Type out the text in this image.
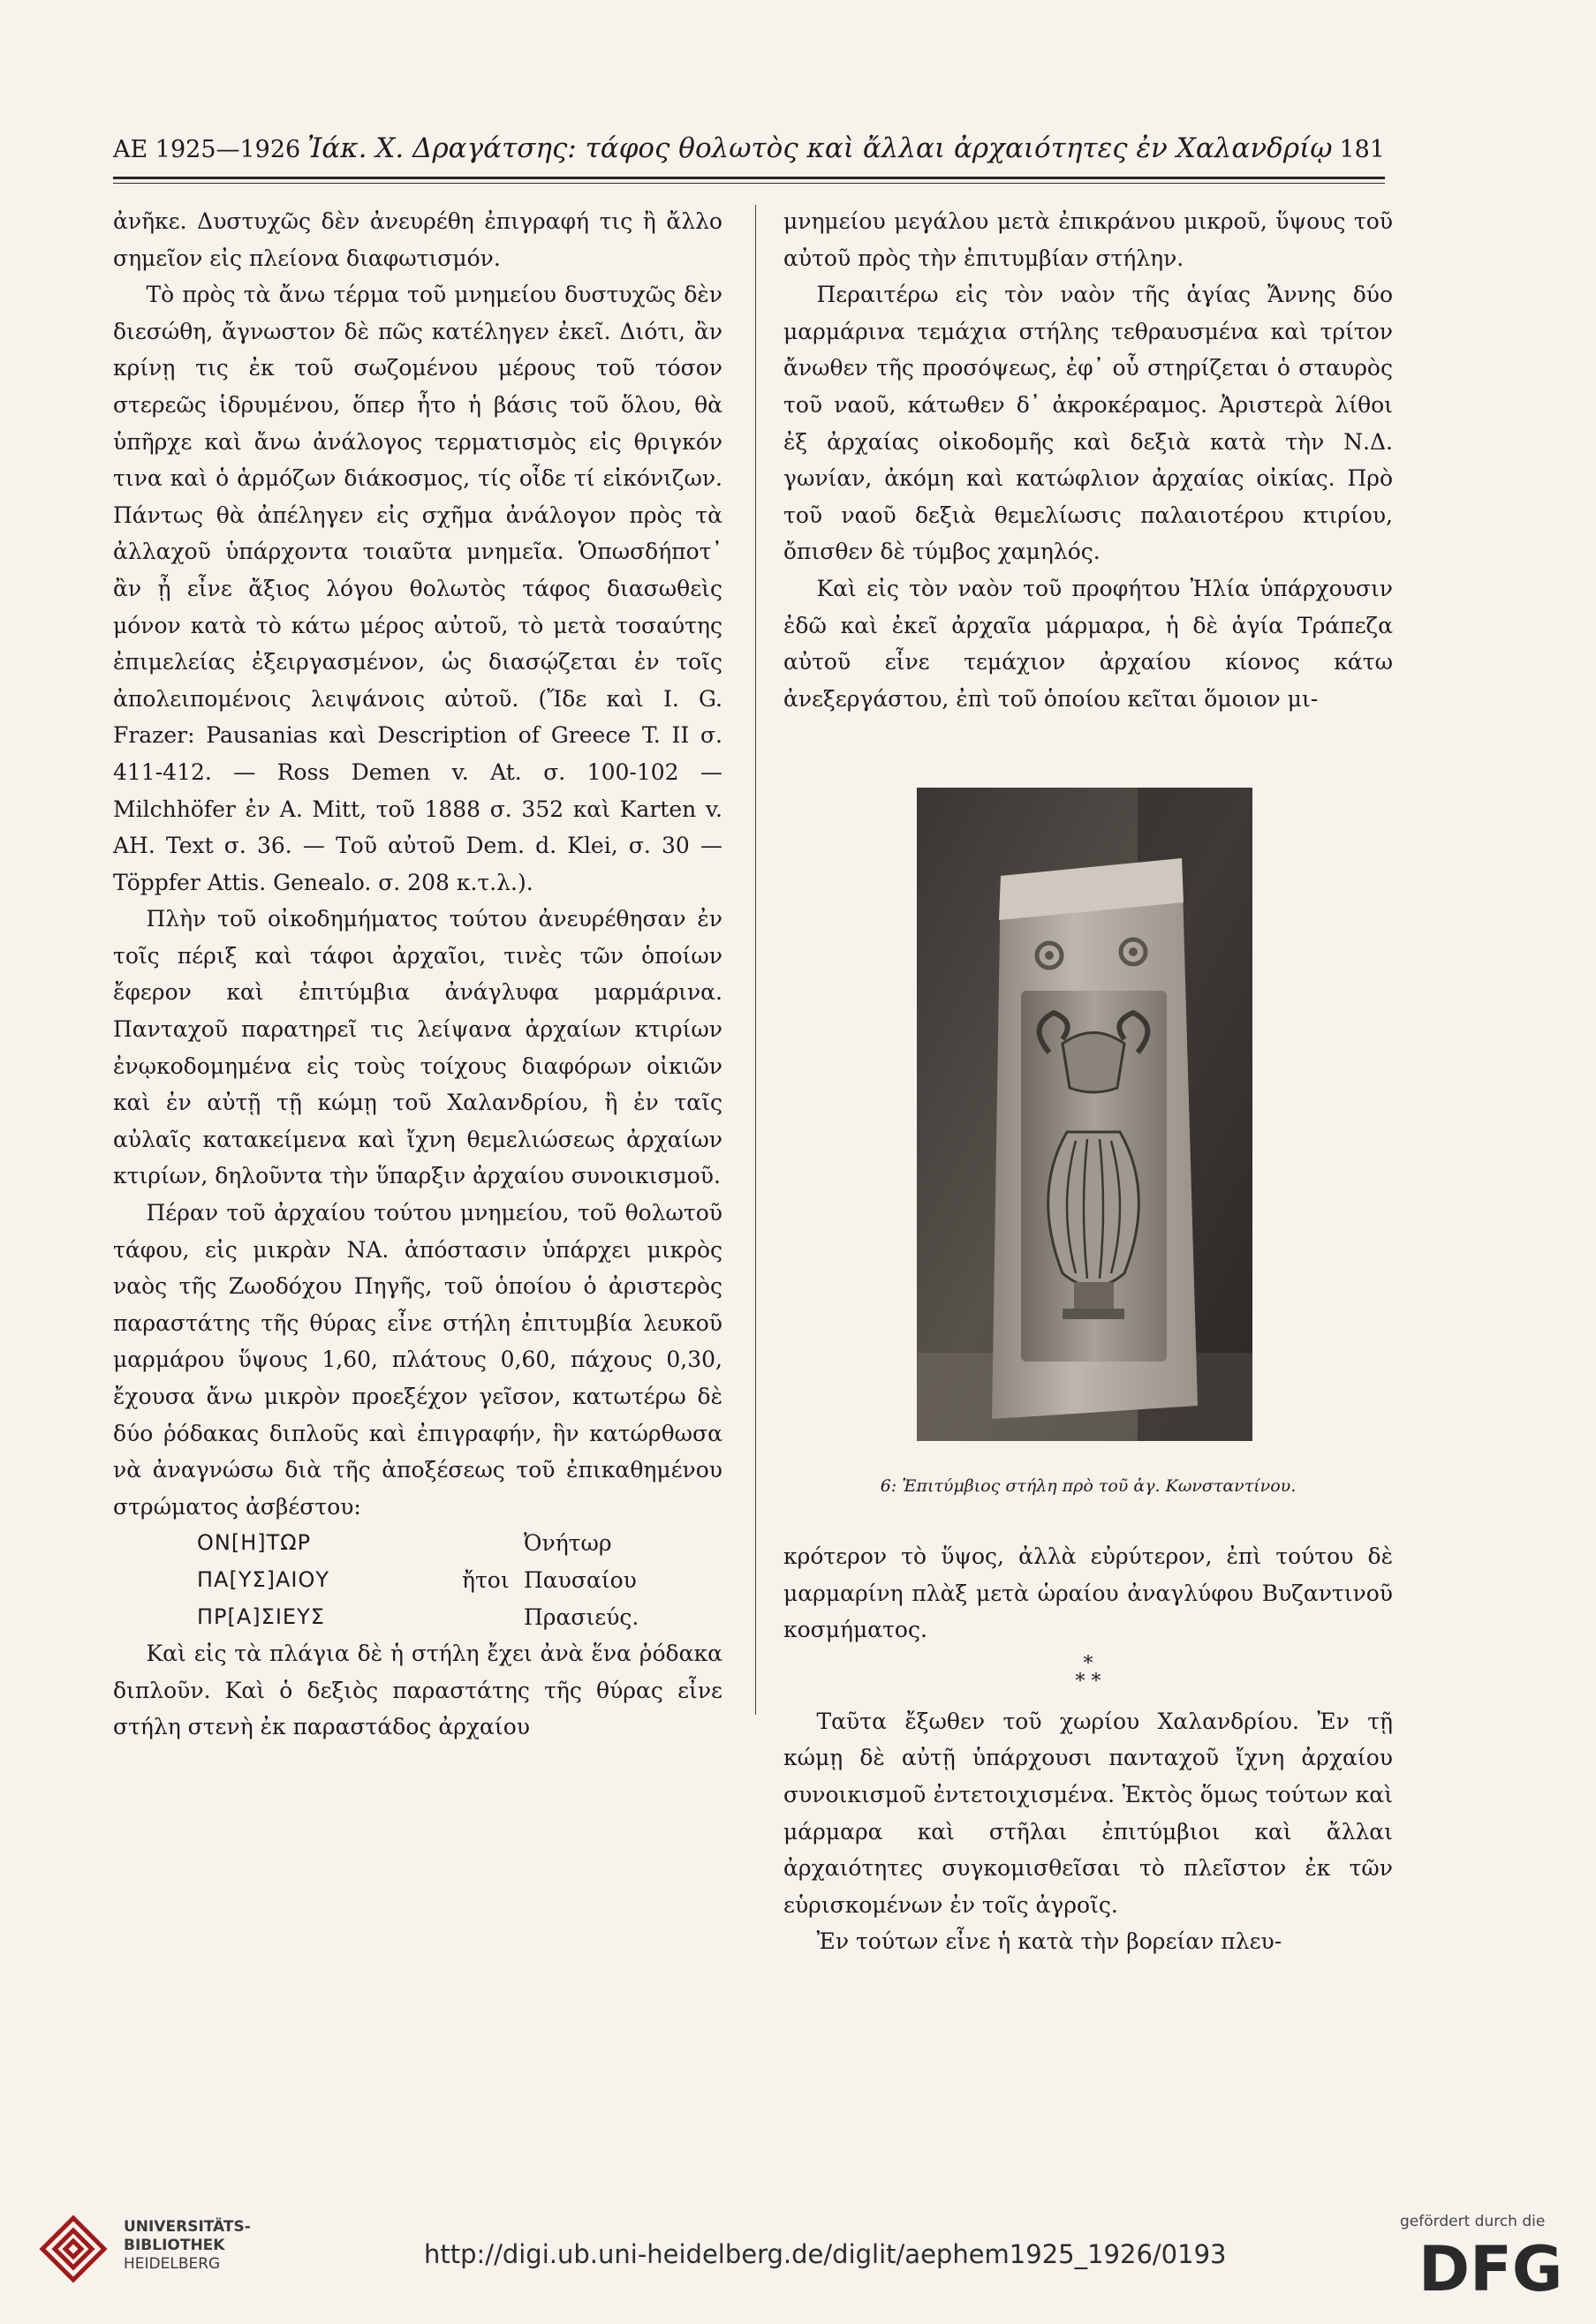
AE 1925—1926 Ἰάκ. Χ. Δραγάτσης: τάφος θολωτὸς καὶ ἄλλαι ἀρχαιότητες ἐν Χαλανδρίῳ 181

ἀνῆκε. Δυστυχῶς δὲν ἀνευρέθη ἐπιγραφή τις ἢ ἄλλο σημεῖον εἰς πλείονα διαφωτισμόν.

Τὸ πρὸς τὰ ἄνω τέρμα τοῦ μνημείου δυστυχῶς δὲν διεσώθη, ἄγνωστον δὲ πῶς κατέληγεν ἐκεῖ. Διότι, ἂν κρίνῃ τις ἐκ τοῦ σωζομένου μέρους τοῦ τόσον στερεῶς ἱδρυμένου, ὅπερ ἦτο ἡ βάσις τοῦ ὅλου, θὰ ὑπῆρχε καὶ ἄνω ἀνάλογος τερματισμὸς εἰς θριγκόν τινα καὶ ὁ ἁρμόζων διάκοσμος, τίς οἶδε τί εἰκόνιζων. Πάντως θὰ ἀπέληγεν εἰς σχῆμα ἀνάλογον πρὸς τὰ ἀλλαχοῦ ὑπάρχοντα τοιαῦτα μνημεῖα. Ὁπωσδήποτ᾿ ἂν ᾖ εἶνε ἄξιος λόγου θολωτὸς τάφος διασωθεὶς μόνον κατὰ τὸ κάτω μέρος αὐτοῦ, τὸ μετὰ τοσαύτης ἐπιμελείας ἐξειργασμένον, ὡς διασῴζεται ἐν τοῖς ἀπολειπομένοις λειψάνοις αὐτοῦ. (Ἴδε καὶ I. G. Frazer: Pausanias καὶ Description of Greece T. II σ. 411-412. — Ross Demen v. At. σ. 100-102 — Milchhöfer ἐν A. Mitt, τοῦ 1888 σ. 352 καὶ Karten v. AH. Text σ. 36. — Τοῦ αὐτοῦ Dem. d. Klei, σ. 30 — Töppfer Attis. Genealo. σ. 208 κ.τ.λ.).

Πλὴν τοῦ οἰκοδημήματος τούτου ἀνευρέθησαν ἐν τοῖς πέριξ καὶ τάφοι ἀρχαῖοι, τινὲς τῶν ὁποίων ἔφερον καὶ ἐπιτύμβια ἀνάγλυφα μαρμάρινα. Πανταχοῦ παρατηρεῖ τις λείψανα ἀρχαίων κτιρίων ἐνῳκοδομημένα εἰς τοὺς τοίχους διαφόρων οἰκιῶν καὶ ἐν αὐτῇ τῇ κώμῃ τοῦ Χαλανδρίου, ἢ ἐν ταῖς αὐλαῖς κατακείμενα καὶ ἴχνη θεμελιώσεως ἀρχαίων κτιρίων, δηλοῦντα τὴν ὕπαρξιν ἀρχαίου συνοικισμοῦ.

Πέραν τοῦ ἀρχαίου τούτου μνημείου, τοῦ θολωτοῦ τάφου, εἰς μικρὰν ΝΑ. ἀπόστασιν ὑπάρχει μικρὸς ναὸς τῆς Ζωοδόχου Πηγῆς, τοῦ ὁποίου ὁ ἀριστερὸς παραστάτης τῆς θύρας εἶνε στήλη ἐπιτυμβία λευκοῦ μαρμάρου ὕψους 1,60, πλάτους 0,60, πάχους 0,30, ἔχουσα ἄνω μικρὸν προεξέχον γεῖσον, κατωτέρω δὲ δύο ῥόδακας διπλοῦς καὶ ἐπιγραφήν, ἣν κατώρθωσα νὰ ἀναγνώσω διὰ τῆς ἀποξέσεως τοῦ ἐπικαθημένου στρώματος ἀσβέστου:

ΟΝ[Η]ΤΩΡ	Ὀνήτωρ
ΠΑ[ΥΣ]ΑΙΟΥ	ἤτοι Παυσαίου
ΠΡ[Α]ΣΙΕΥΣ	Πρασιεύς.

Καὶ εἰς τὰ πλάγια δὲ ἡ στήλη ἔχει ἀνὰ ἕνα ῥόδακα διπλοῦν. Καὶ ὁ δεξιὸς παραστάτης τῆς θύρας εἶνε στήλη στενὴ ἐκ παραστάδος ἀρχαίου

μνημείου μεγάλου μετὰ ἐπικράνου μικροῦ, ὕψους τοῦ αὐτοῦ πρὸς τὴν ἐπιτυμβίαν στήλην.

Περαιτέρω εἰς τὸν ναὸν τῆς ἁγίας Ἄννης δύο μαρμάρινα τεμάχια στήλης τεθραυσμένα καὶ τρίτον ἄνωθεν τῆς προσόψεως, ἐφ᾿ οὗ στηρίζεται ὁ σταυρὸς τοῦ ναοῦ, κάτωθεν δ᾿ ἀκροκέραμος. Ἀριστερὰ λίθοι ἐξ ἀρχαίας οἰκοδομῆς καὶ δεξιὰ κατὰ τὴν Ν.Δ. γωνίαν, ἀκόμη καὶ κατώφλιον ἀρχαίας οἰκίας. Πρὸ τοῦ ναοῦ δεξιὰ θεμελίωσις παλαιοτέρου κτιρίου, ὄπισθεν δὲ τύμβος χαμηλός.

Καὶ εἰς τὸν ναὸν τοῦ προφήτου Ἠλία ὑπάρχουσιν ἐδῶ καὶ ἐκεῖ ἀρχαῖα μάρμαρα, ἡ δὲ ἁγία Τράπεζα αὐτοῦ εἶνε τεμάχιον ἀρχαίου κίονος κάτω ἀνεξεργάστου, ἐπὶ τοῦ ὁποίου κεῖται ὅμοιον μι-

6: Ἐπιτύμβιος στήλη πρὸ τοῦ ἁγ. Κωνσταντίνου.

κρότερον τὸ ὕψος, ἀλλὰ εὐρύτερον, ἐπὶ τούτου δὲ μαρμαρίνη πλὰξ μετὰ ὡραίου ἀναγλύφου Βυζαντινοῦ κοσμήματος.

*
* *

Ταῦτα ἔξωθεν τοῦ χωρίου Χαλανδρίου. Ἐν τῇ κώμῃ δὲ αὐτῇ ὑπάρχουσι πανταχοῦ ἴχνη ἀρχαίου συνοικισμοῦ ἐντετοιχισμένα. Ἐκτὸς ὅμως τούτων καὶ μάρμαρα καὶ στῆλαι ἐπιτύμβιοι καὶ ἄλλαι ἀρχαιότητες συγκομισθεῖσαι τὸ πλεῖστον ἐκ τῶν εὑρισκομένων ἐν τοῖς ἀγροῖς.

Ἐν τούτων εἶνε ἡ κατὰ τὴν βορείαν πλευ-

UNIVERSITÄTS-
BIBLIOTHEK
HEIDELBERG	http://digi.ub.uni-heidelberg.de/diglit/aephem1925_1926/0193
gefördert durch die
DFG
